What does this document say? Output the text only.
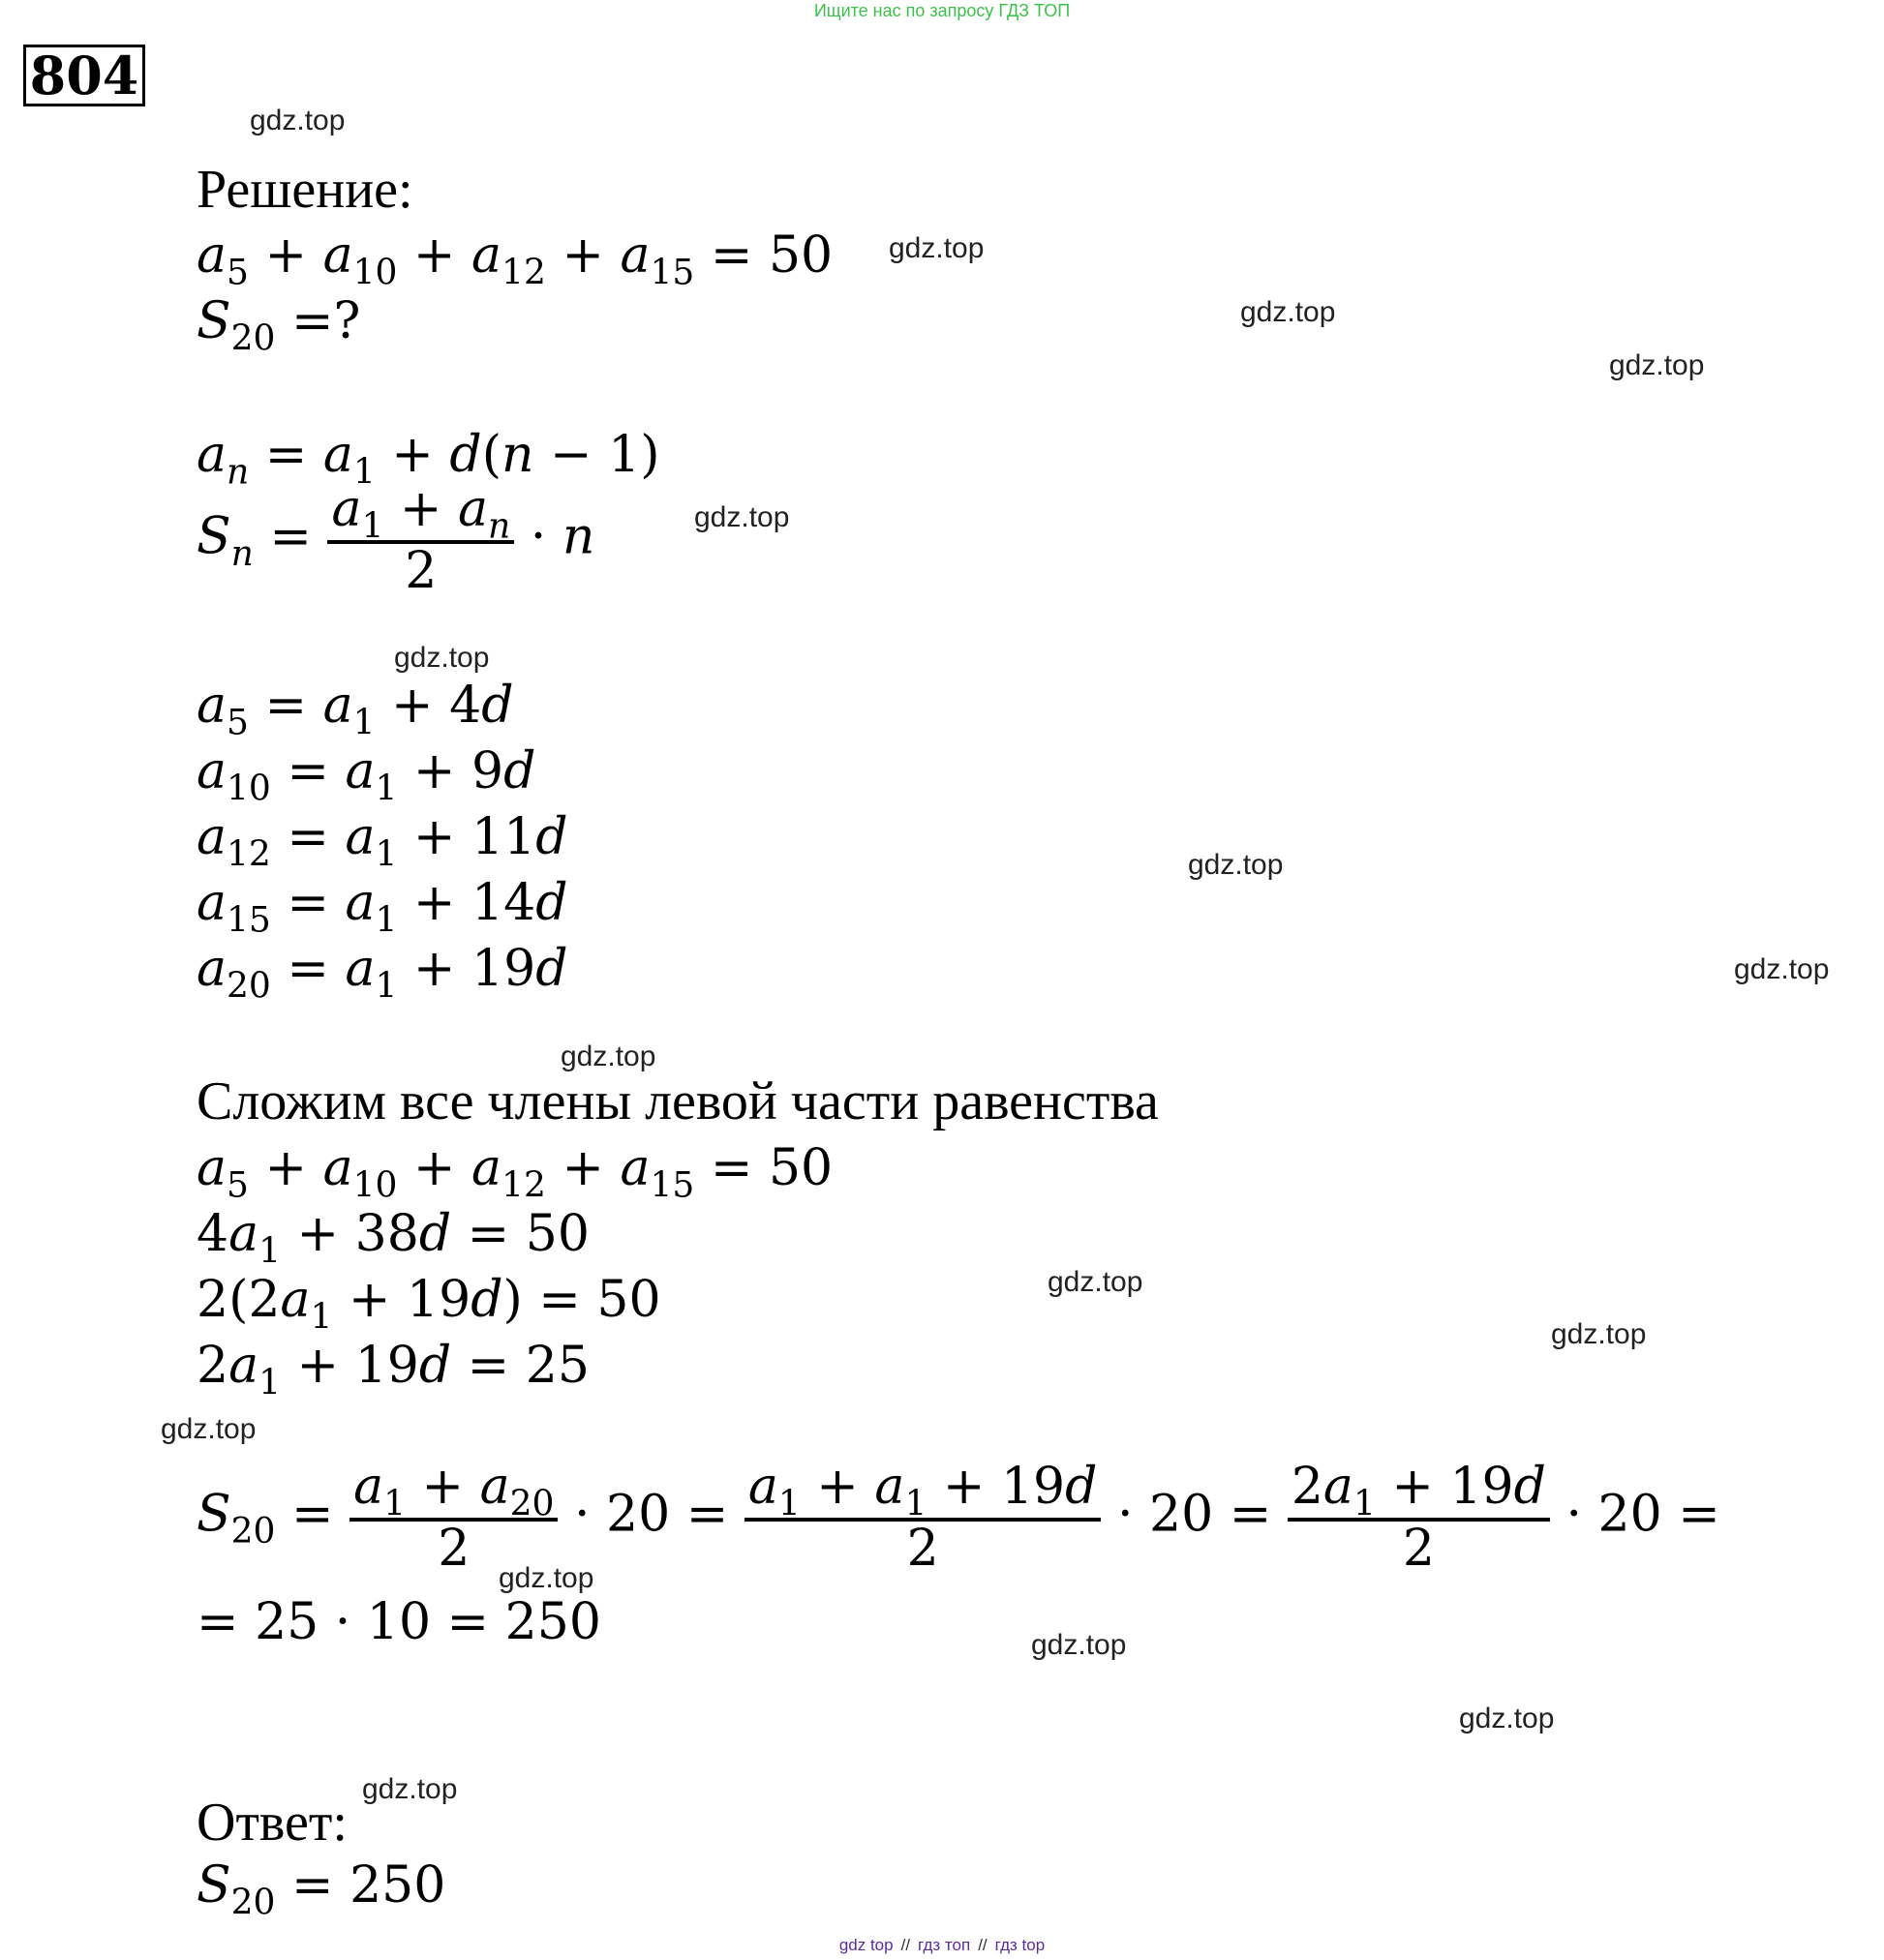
Ищите нас по запросу ГДЗ ТОП
804
gdz.top
gdz.top
gdz.top
gdz.top
gdz.top
gdz.top
gdz.top
gdz.top
gdz.top
gdz.top
gdz.top
gdz.top
gdz.top
gdz.top
gdz.top
gdz.top
Решение:
$a_5 + a_{10} + a_{12} + a_{15} = 50$
$S_{20}$ =?
$a_n = a_1 + d(n - 1)$
$S_n = \frac{a_1 + a_n}{2} \cdot n$
$a_5 = a_1 + 4d$
$a_{10} = a_1 + 9d$
$a_{12} = a_1 + 11d$
$a_{15} = a_1 + 14d$
$a_{20} = a_1 + 19d$
Сложим все члены левой части равенства
$a_5 + a_{10} + a_{12} + a_{15} = 50$
$4a_1 + 38d = 50$
$2(2a_1 + 19d) = 50$
$2a_1 + 19d = 25$
$S_{20} = \frac{a_1 + a_{20}}{2} \cdot 20 = \frac{a_1 + a_1 + 19d}{2} \cdot 20 = \frac{2a_1 + 19d}{2} \cdot 20$ =
= 25 · 10 = 250
Ответ:
$S_{20} = 250$
gdz top // гдз топ // гдз top
